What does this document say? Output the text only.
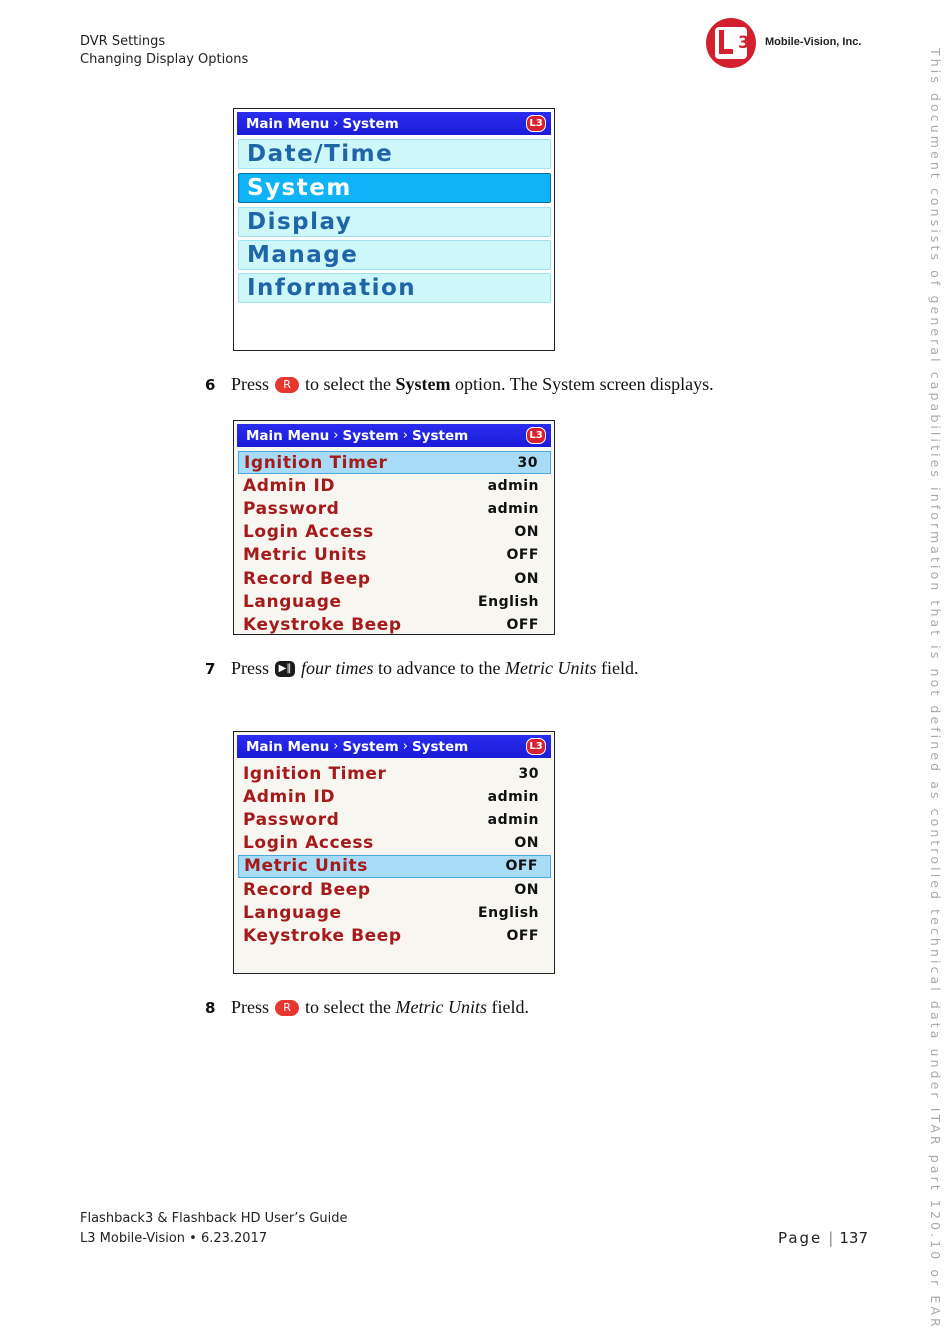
DVR Settings
Changing Display Options
3 Mobile-Vision, Inc.
This document consists of general capabilities information that is not defined as controlled technical data under ITAR part 120.10 or EAR
Main Menu › System	L3
Date/Time
System
Display
Manage
Information
6 Press	R to select the
System
option. The System screen displays.
Main Menu › System › System	L3
Ignition Timer	30
Admin ID	admin
Password	admin
Login Access	ON
Metric Units	OFF
Record Beep	ON
Language	English
Keystroke Beep	OFF
7 Press ▶‖ four times
to advance to the
Metric Units
field.
Main Menu › System › System	L3
Ignition Timer	30
Admin ID	admin
Password	admin
Login Access	ON
Metric Units	OFF
Record Beep	ON
Language	English
Keystroke Beep	OFF
8 Press	R to select the
Metric Units
field.
Flashback3 & Flashback HD User’s Guide
L3 Mobile-Vision • 6.23.2017	Page | 137
